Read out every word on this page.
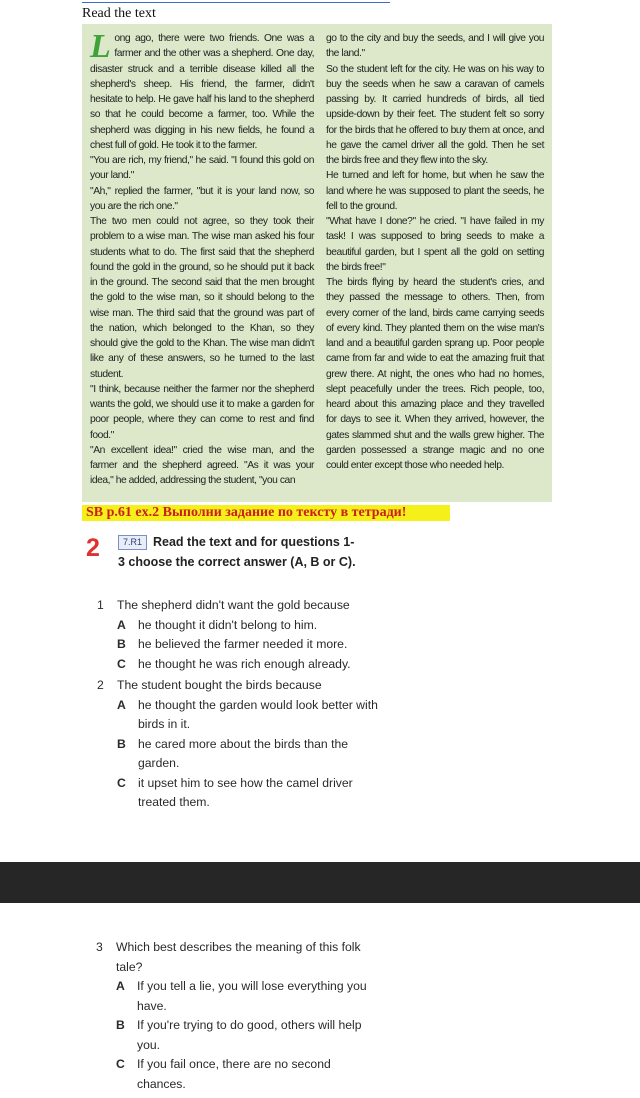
Read the text

Long ago, there were two friends. One was a farmer and the other was a shepherd. One day, disaster struck and a terrible disease killed all the shepherd's sheep. His friend, the farmer, didn't hesitate to help. He gave half his land to the shepherd so that he could become a farmer, too. While the shepherd was digging in his new fields, he found a chest full of gold. He took it to the farmer.

"You are rich, my friend," he said. "I found this gold on your land."

"Ah," replied the farmer, "but it is your land now, so you are the rich one."

The two men could not agree, so they took their problem to a wise man. The wise man asked his four students what to do. The first said that the shepherd found the gold in the ground, so he should put it back in the ground. The second said that the men brought the gold to the wise man, so it should belong to the wise man. The third said that the ground was part of the nation, which belonged to the Khan, so they should give the gold to the Khan. The wise man didn't like any of these answers, so he turned to the last student.

"I think, because neither the farmer nor the shepherd wants the gold, we should use it to make a garden for poor people, where they can come to rest and find food."

"An excellent idea!" cried the wise man, and the farmer and the shepherd agreed. "As it was your idea," he added, addressing the student, "you can

go to the city and buy the seeds, and I will give you the land."

So the student left for the city. He was on his way to buy the seeds when he saw a caravan of camels passing by. It carried hundreds of birds, all tied upside-down by their feet. The student felt so sorry for the birds that he offered to buy them at once, and he gave the camel driver all the gold. Then he set the birds free and they flew into the sky.

He turned and left for home, but when he saw the land where he was supposed to plant the seeds, he fell to the ground.

"What have I done?" he cried. "I have failed in my task! I was supposed to bring seeds to make a beautiful garden, but I spent all the gold on setting the birds free!"

The birds flying by heard the student's cries, and they passed the message to others. Then, from every corner of the land, birds came carrying seeds of every kind. They planted them on the wise man's land and a beautiful garden sprang up. Poor people came from far and wide to eat the amazing fruit that grew there. At night, the ones who had no homes, slept peacefully under the trees. Rich people, too, heard about this amazing place and they travelled for days to see it. When they arrived, however, the gates slammed shut and the walls grew higher. The garden possessed a strange magic and no one could enter except those who needed help.

SB p.61 ex.2 Выполни задание по тексту в тетради!
2	Read the text and for questions 1-3 choose the correct answer (A, B or C).
7.R1
1 The shepherd didn't want the gold because
A he thought it didn't belong to him.
B he believed the farmer needed it more.
C he thought he was rich enough already.
2 The student bought the birds because
A he thought the garden would look better with birds in it.
B he cared more about the birds than the garden.
C it upset him to see how the camel driver treated them.
3 Which best describes the meaning of this folk tale?
A If you tell a lie, you will lose everything you have.
B If you're trying to do good, others will help you.
C If you fail once, there are no second chances.
